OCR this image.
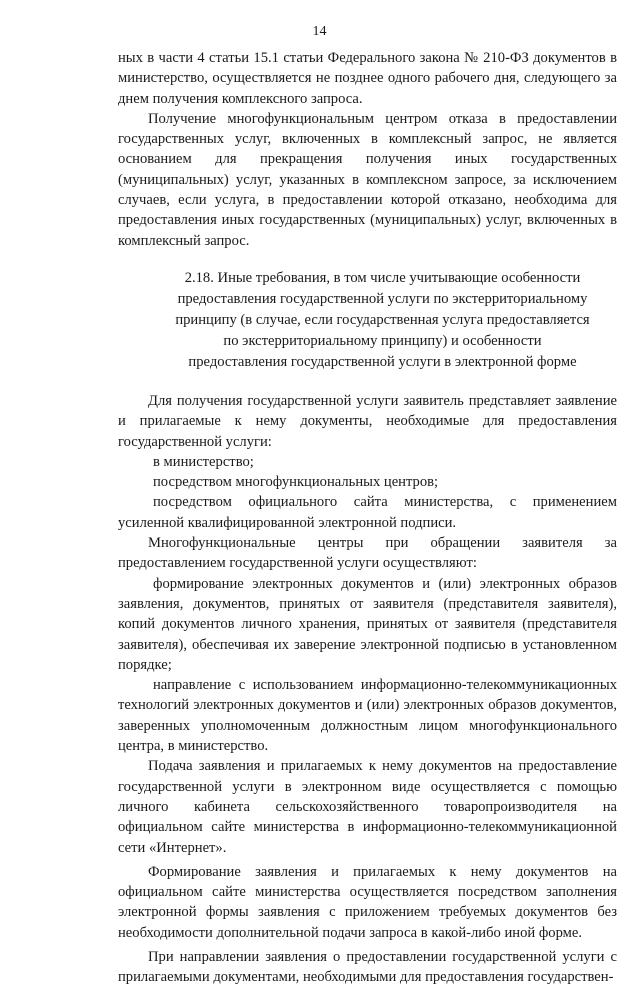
14

ных в части 4 статьи 15.1 статьи Федерального закона № 210-ФЗ документов в министерство, осуществляется не позднее одного рабочего дня, следующего за днем получения комплексного запроса.

Получение многофункциональным центром отказа в предоставлении государственных услуг, включенных в комплексный запрос, не является основанием для прекращения получения иных государственных (муниципальных) услуг, указанных в комплексном запросе, за исключением случаев, если услуга, в предоставлении которой отказано, необходима для предоставления иных государственных (муниципальных) услуг, включенных в комплексный запрос.

2.18. Иные требования, в том числе учитывающие особенности
предоставления государственной услуги по экстерриториальному
принципу (в случае, если государственная услуга предоставляется
по экстерриториальному принципу) и особенности
предоставления государственной услуги в электронной форме

Для получения государственной услуги заявитель представляет заявление и прилагаемые к нему документы, необходимые для предоставления государственной услуги:

в министерство;

посредством многофункциональных центров;

посредством официального сайта министерства, с применением усиленной квалифицированной электронной подписи.

Многофункциональные центры при обращении заявителя за предоставлением государственной услуги осуществляют:

формирование электронных документов и (или) электронных образов заявления, документов, принятых от заявителя (представителя заявителя), копий документов личного хранения, принятых от заявителя (представителя заявителя), обеспечивая их заверение электронной подписью в установленном порядке;

направление с использованием информационно-телекоммуникационных технологий электронных документов и (или) электронных образов документов, заверенных уполномоченным должностным лицом многофункционального центра, в министерство.

Подача заявления и прилагаемых к нему документов на предоставление государственной услуги в электронном виде осуществляется с помощью личного кабинета сельскохозяйственного товаропроизводителя на официальном сайте министерства в информационно-телекоммуникационной сети «Интернет».

Формирование заявления и прилагаемых к нему документов на официальном сайте министерства осуществляется посредством заполнения электронной формы заявления с приложением требуемых документов без необходимости дополнительной подачи запроса в какой-либо иной форме.

При направлении заявления о предоставлении государственной услуги с прилагаемыми документами, необходимыми для предоставления государствен-
